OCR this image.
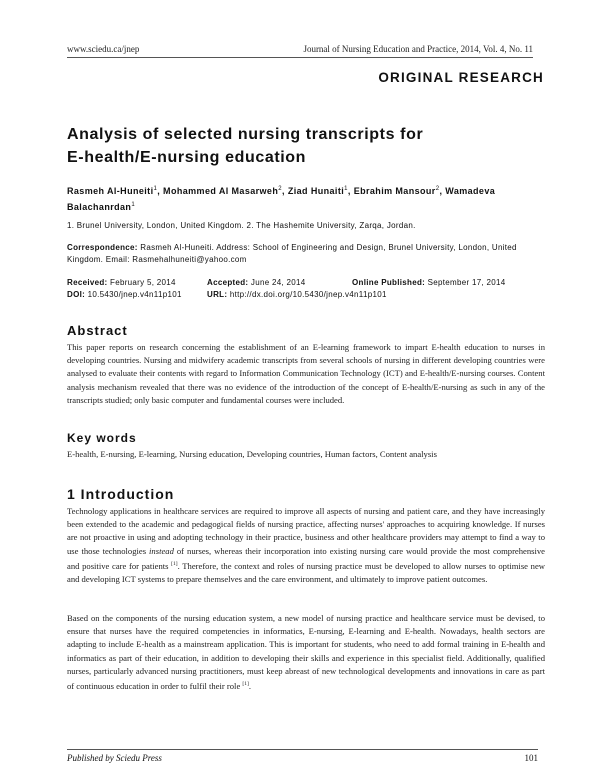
www.sciedu.ca/jnep	Journal of Nursing Education and Practice, 2014, Vol. 4, No. 11
ORIGINAL RESEARCH
Analysis of selected nursing transcripts for
E-health/E-nursing education
Rasmeh Al-Huneiti$^1$, Mohammed Al Masarweh$^2$, Ziad Hunaiti$^1$, Ebrahim Mansour$^2$, Wamadeva Balachanrdan$^1$
1. Brunel University, London, United Kingdom. 2. The Hashemite University, Zarqa, Jordan.
Correspondence: Rasmeh Al-Huneiti. Address: School of Engineering and Design, Brunel University, London, United Kingdom. Email: Rasmehalhuneiti@yahoo.com
Received: February 5, 2014	Accepted: June 24, 2014	Online Published: September 17, 2014
DOI: 10.5430/jnep.v4n11p101	URL: http://dx.doi.org/10.5430/jnep.v4n11p101
Abstract
This paper reports on research concerning the establishment of an E-learning framework to impart E-health education to nurses in developing countries. Nursing and midwifery academic transcripts from several schools of nursing in different developing countries were analysed to evaluate their contents with regard to Information Communication Technology (ICT) and E-health/E-nursing courses. Content analysis mechanism revealed that there was no evidence of the introduction of the concept of E-health/E-nursing as such in any of the transcripts studied; only basic computer and fundamental courses were included.
Key words
E-health, E-nursing, E-learning, Nursing education, Developing countries, Human factors, Content analysis
1 Introduction
Technology applications in healthcare services are required to improve all aspects of nursing and patient care, and they have increasingly been extended to the academic and pedagogical fields of nursing practice, affecting nurses' approaches to acquiring knowledge. If nurses are not proactive in using and adopting technology in their practice, business and other healthcare providers may attempt to find a way to use those technologies instead of nurses, whereas their incorporation into existing nursing care would provide the most comprehensive and positive care for patients [1]. Therefore, the context and roles of nursing practice must be developed to allow nurses to optimise new and developing ICT systems to prepare themselves and the care environment, and ultimately to improve patient outcomes.
Based on the components of the nursing education system, a new model of nursing practice and healthcare service must be devised, to ensure that nurses have the required competencies in informatics, E-nursing, E-learning and E-health. Nowadays, health sectors are adapting to include E-health as a mainstream application. This is important for students, who need to add formal training in E-health and informatics as part of their education, in addition to developing their skills and experience in this specialist field. Additionally, qualified nurses, particularly advanced nursing practitioners, must keep abreast of new technological developments and innovations in care as part of continuous education in order to fulfil their role [1].
Published by Sciedu Press	101
